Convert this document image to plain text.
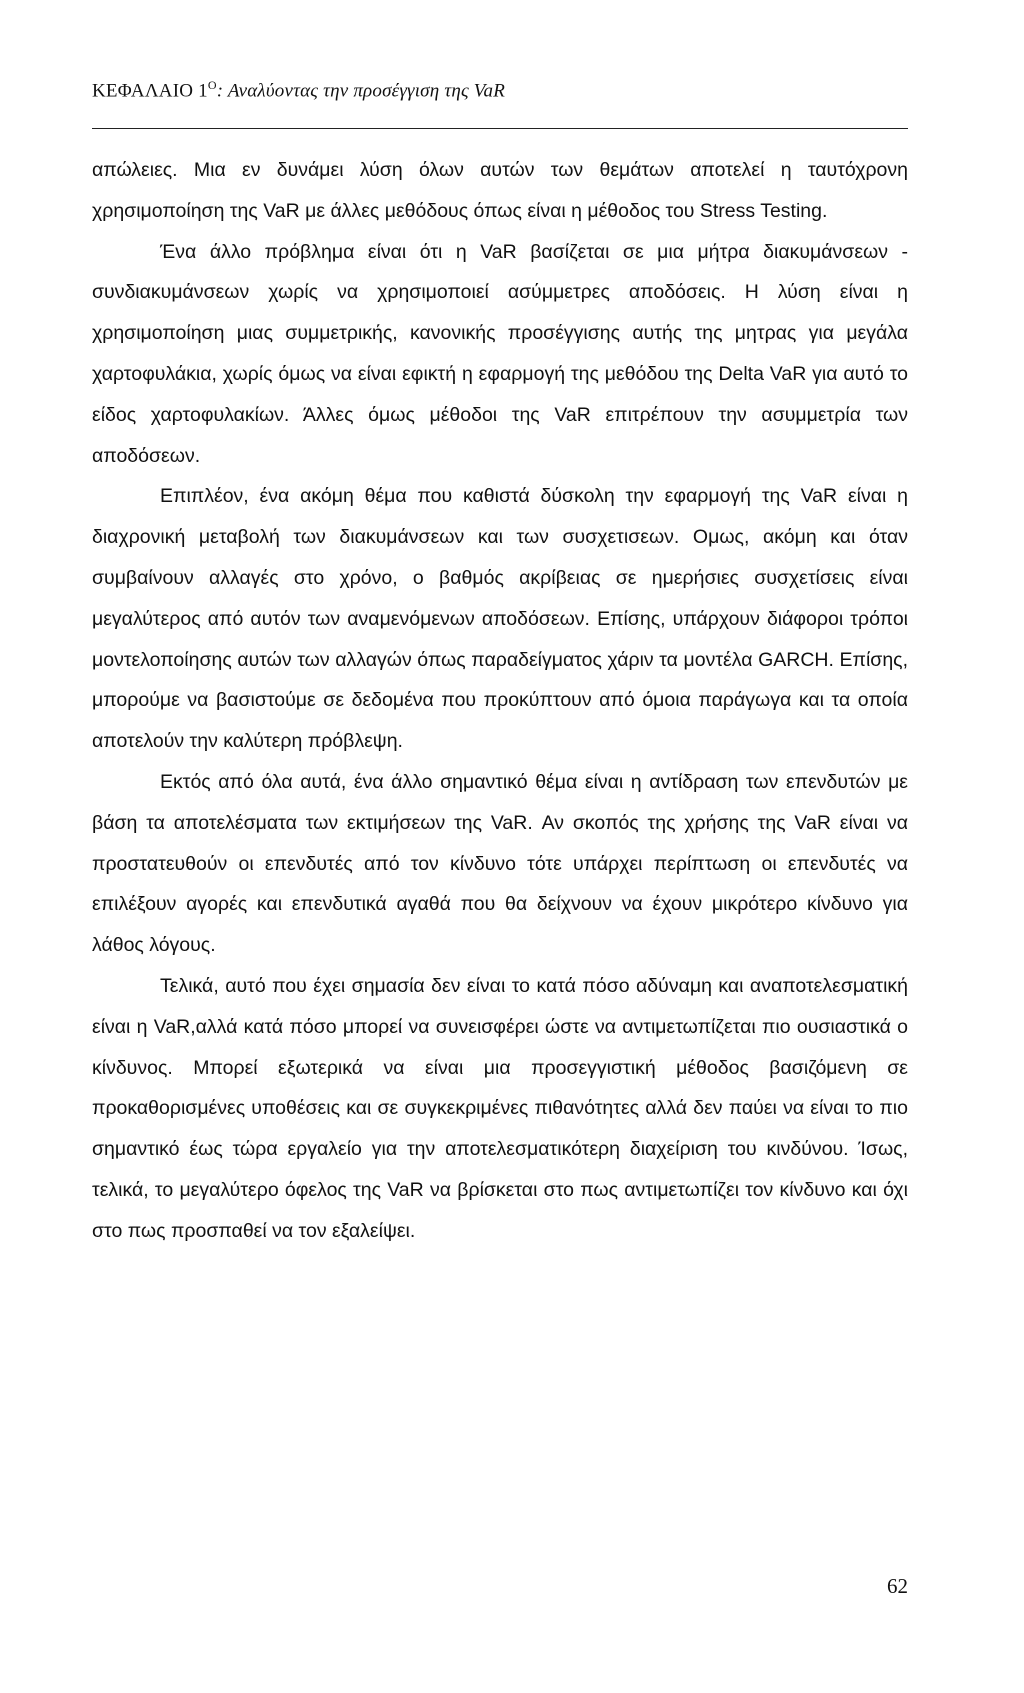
ΚΕΦΑΛΑΙΟ $1^O$: Αναλύοντας την προσέγγιση της VaR

απώλειες. Μια εν δυνάμει λύση όλων αυτών των θεμάτων αποτελεί η ταυτόχρονη χρησιμοποίηση της VaR με άλλες μεθόδους όπως είναι η μέθοδος του Stress Testing.

Ένα άλλο πρόβλημα είναι ότι η VaR βασίζεται σε μια μήτρα διακυμάνσεων - συνδιακυμάνσεων χωρίς να χρησιμοποιεί ασύμμετρες αποδόσεις. Η λύση είναι η χρησιμοποίηση μιας συμμετρικής, κανονικής προσέγγισης αυτής της μητρας για μεγάλα χαρτοφυλάκια, χωρίς όμως να είναι εφικτή η εφαρμογή της μεθόδου της Delta VaR για αυτό το είδος χαρτοφυλακίων. Άλλες όμως μέθοδοι της VaR επιτρέπουν την ασυμμετρία των αποδόσεων.

Επιπλέον, ένα ακόμη θέμα που καθιστά δύσκολη την εφαρμογή της VaR είναι η διαχρονική μεταβολή των διακυμάνσεων και των συσχετισεων. Ομως, ακόμη και όταν συμβαίνουν αλλαγές στο χρόνο, ο βαθμός ακρίβειας σε ημερήσιες συσχετίσεις είναι μεγαλύτερος από αυτόν των αναμενόμενων αποδόσεων. Επίσης, υπάρχουν διάφοροι τρόποι μοντελοποίησης αυτών των αλλαγών όπως παραδείγματος χάριν τα μοντέλα GARCH. Επίσης, μπορούμε να βασιστούμε σε δεδομένα που προκύπτουν από όμοια παράγωγα και τα οποία αποτελούν την καλύτερη πρόβλεψη.

Εκτός από όλα αυτά, ένα άλλο σημαντικό θέμα είναι η αντίδραση των επενδυτών με βάση τα αποτελέσματα των εκτιμήσεων της VaR. Αν σκοπός της χρήσης της VaR είναι να προστατευθούν οι επενδυτές από τον κίνδυνο τότε υπάρχει περίπτωση οι επενδυτές να επιλέξουν αγορές και επενδυτικά αγαθά που θα δείχνουν να έχουν μικρότερο κίνδυνο για λάθος λόγους.

Τελικά, αυτό που έχει σημασία δεν είναι το κατά πόσο αδύναμη και αναποτελεσματική είναι η VaR,αλλά κατά πόσο μπορεί να συνεισφέρει ώστε να αντιμετωπίζεται πιο ουσιαστικά ο κίνδυνος. Μπορεί εξωτερικά να είναι μια προσεγγιστική μέθοδος βασιζόμενη σε προκαθορισμένες υποθέσεις και σε συγκεκριμένες πιθανότητες αλλά δεν παύει να είναι το πιο σημαντικό έως τώρα εργαλείο για την αποτελεσματικότερη διαχείριση του κινδύνου. Ίσως, τελικά, το μεγαλύτερο όφελος της VaR να βρίσκεται στο πως αντιμετωπίζει τον κίνδυνο και όχι στο πως προσπαθεί να τον εξαλείψει.

62
